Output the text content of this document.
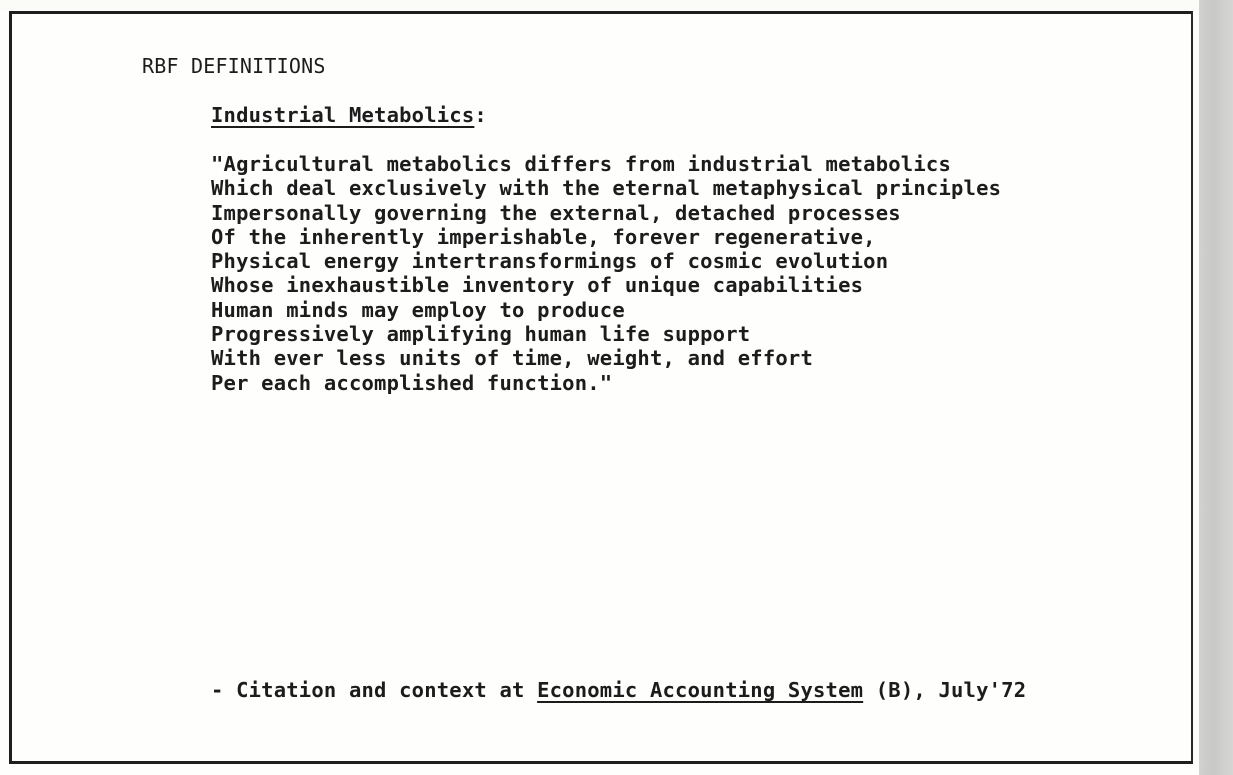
RBF DEFINITIONS
Industrial Metabolics:
"Agricultural metabolics differs from industrial metabolics
Which deal exclusively with the eternal metaphysical principles
Impersonally governing the external, detached processes
Of the inherently imperishable, forever regenerative,
Physical energy intertransformings of cosmic evolution
Whose inexhaustible inventory of unique capabilities
Human minds may employ to produce
Progressively amplifying human life support
With ever less units of time, weight, and effort
Per each accomplished function."
- Citation and context at Economic Accounting System (B), July'72
